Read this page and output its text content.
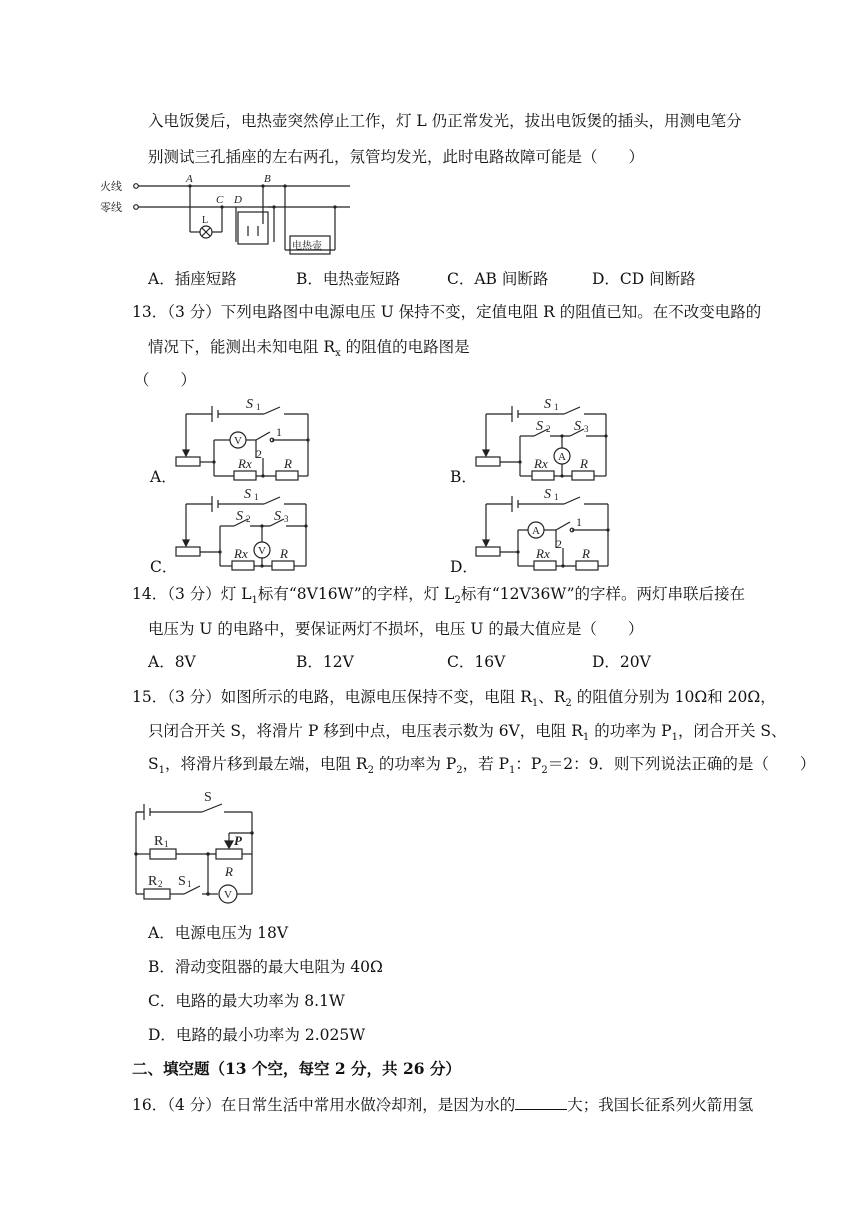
入电饭煲后，电热壶突然停止工作，灯 L 仍正常发光，拔出电饭煲的插头，用测电笔分
别测试三孔插座的左右两孔，氖管均发光，此时电路故障可能是（　　）
火线
零线
A	B
C D
L
电热壶
A．插座短路	B．电热壶短路	C．AB 间断路	D．CD 间断路
13．（3 分）下列电路图中电源电压 U 保持不变，定值电阻 R 的阻值已知。在不改变电路的
情况下，能测出未知电阻 $R_x$ 的阻值的电路图是
（　　）
A．	B．
C．	D．
V
S 1
1
Rx
2
R	A
S 1
S 2 S 3
Rx R
V
S 1
S 2 S 3
Rx R
A
S 1
1
Rx
2
R
14．（3 分）灯 $L_1$标有“8V16W”的字样，灯 $L_2$标有“12V36W”的字样。两灯串联后接在
电压为 U 的电路中，要保证两灯不损坏，电压 U 的最大值应是（　　）
A．8V	B．12V	C．16V	D．20V
15．（3 分）如图所示的电路，电源电压保持不变，电阻 $R_1$、$R_2$ 的阻值分别为 10Ω和 20Ω，
只闭合开关 S，将滑片 P 移到中点，电压表示数为 6V，电阻 $R_1$ 的功率为 $P_1$，闭合开关 S、
$S_1$，将滑片移到最左端，电阻 $R_2$ 的功率为 $P_2$，若 $P_1$：$P_2=2$：9．则下列说法正确的是（　　）
S
R 1
R 2 S 1
P
R
V
A．电源电压为 18V
B．滑动变阻器的最大电阻为 40Ω
C．电路的最大功率为 8.1W
D．电路的最小功率为 2.025W
二、填空题（13 个空，每空 2 分，共 26 分）
16．（4 分）在日常生活中常用水做冷却剂，是因为水的	大；我国长征系列火箭用氢
